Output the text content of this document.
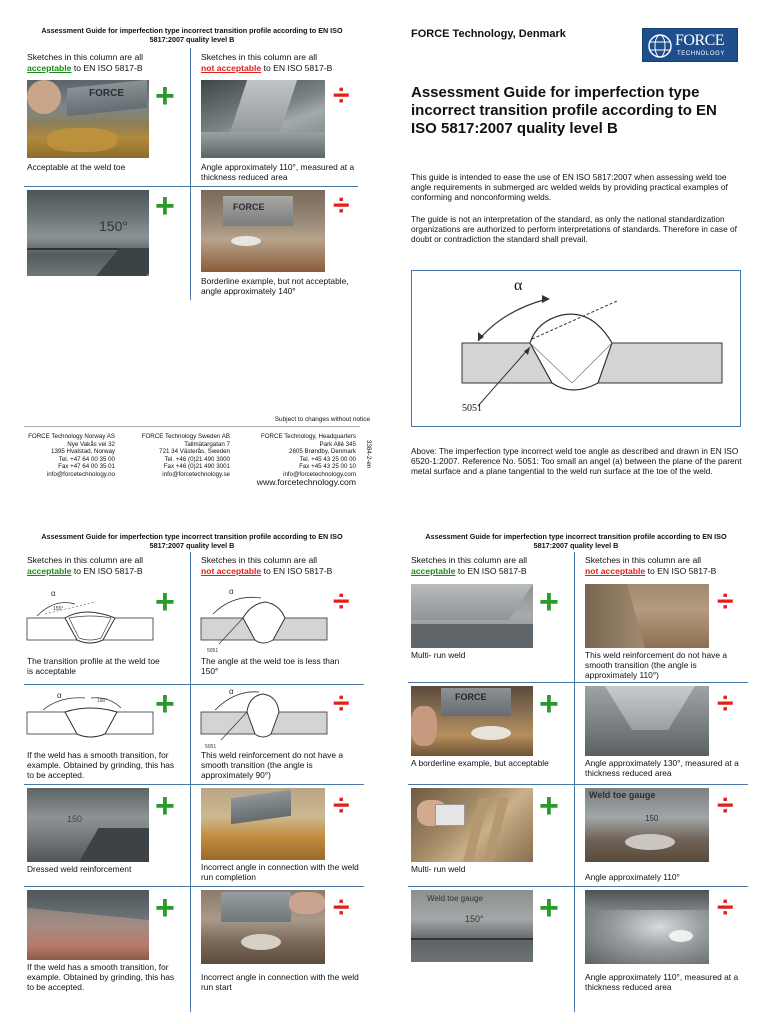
Assessment Guide for imperfection type incorrect transition profile according to EN ISO 5817:2007 quality level B
Sketches in this column are all
acceptable to EN ISO 5817-B
Sketches in this column are all
not acceptable to EN ISO 5817-B
FORCE +
Acceptable at the weld toe
÷
Angle approximately 110°, measured at a thickness reduced area
150°
+	FORCE ÷
Borderline example, but not acceptable, angle approximately 140°
Subject to changes without notice
3384-2-en
FORCE Technology Norway AS
Nye Vakås vei 32
1395 Hvalstad, Norway
Tel. +47 64 00 35 00
Fax +47 64 00 35 01
info@forcetechnology.no
FORCE Technology Sweden AB
Tallmätargatan 7
721 34 Västerås, Sweden
Tel. +46 (0)21 490 3000
Fax +46 (0)21 490 3001
info@forcetechnology.se
FORCE Technology, Headquarters
Park Allé 345
2605 Brøndby, Denmark
Tel. +45 43 25 00 00
Fax +45 43 25 00 10
info@forcetechnology.com
www.forcetechnology.com
FORCE Technology, Denmark	FORCE
TECHNOLOGY
Assessment Guide for imperfection type incorrect transition profile according to EN ISO 5817:2007 quality level B
This guide is intended to ease the use of EN ISO 5817:2007 when assessing weld toe angle requirements in submerged arc welded welds by providing practical examples of conforming and nonconforming welds.
The guide is not an interpretation of the standard, as only the national standardization organizations are authorized to perform interpretations of standards. Therefore in case of doubt or contradiction the standard shall prevail.
α
5051
Above: The imperfection type incorrect weld toe angle as described and drawn in EN ISO 6520-1:2007. Reference No. 5051: Too small an angel (a) between the plane of the parent metal surface and a plane tangential to the weld run surface at the toe of the weld.
Assessment Guide for imperfection type incorrect transition profile according to EN ISO 5817:2007 quality level B
Sketches in this column are all
acceptable to EN ISO 5817-B
Sketches in this column are all
not acceptable to EN ISO 5817-B
α
155°	+
The transition profile at the weld toe is acceptable
α
5051
÷
The angle at the weld toe is less than 150°
α
190° +
If the weld has a smooth transition, for example. Obtained by grinding, this has to be accepted.
α
5051
÷
This weld reinforcement do not have a smooth transition (the angle is approximately 90°)
150 +
Dressed weld reinforcement
÷
Incorrect angle in connection with the weld run completion
+
If the weld has a smooth transition, for example. Obtained by grinding, this has to be accepted.
÷
Incorrect angle in connection with the weld run start
Assessment Guide for imperfection type incorrect transition profile according to EN ISO 5817:2007 quality level B
Sketches in this column are all
acceptable to EN ISO 5817-B
Sketches in this column are all
not acceptable to EN ISO 5817-B
+
Multi- run weld
÷
This weld reinforcement do not have a smooth transition (the angle is approximately 110°)
FORCE +
A borderline example, but acceptable
÷
Angle approximately 130°, measured at a thickness reduced area
+
Multi- run weld
Weld toe gauge
150 ÷
Angle approximately 110°
Weld toe gauge
150° +	÷
Angle approximately 110°, measured at a thickness reduced area
